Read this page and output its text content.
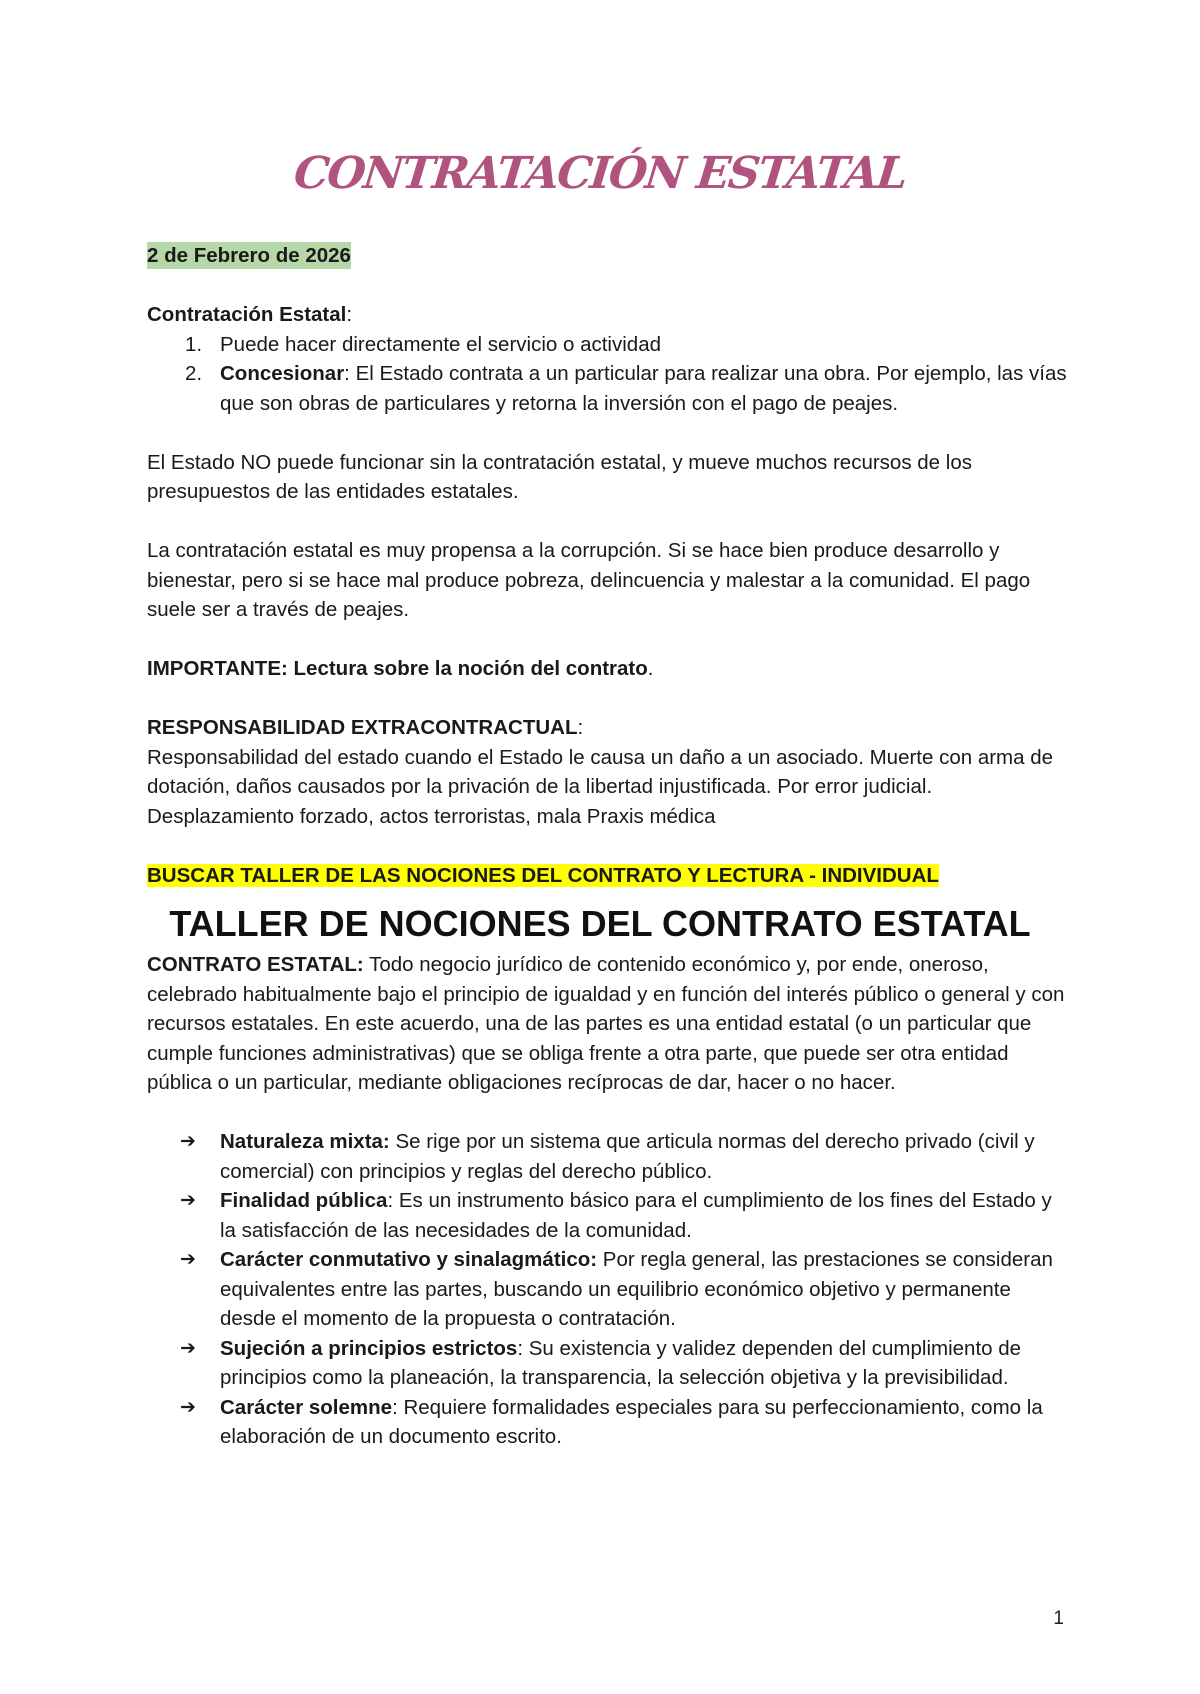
CONTRATACIÓN ESTATAL

2 de Febrero de 2026

Contratación Estatal:

1. Puede hacer directamente el servicio o actividad
2. Concesionar: El Estado contrata a un particular para realizar una obra. Por ejemplo, las vías que son obras de particulares y retorna la inversión con el pago de peajes.

El Estado NO puede funcionar sin la contratación estatal, y mueve muchos recursos de los presupuestos de las entidades estatales.

La contratación estatal es muy propensa a la corrupción. Si se hace bien produce desarrollo y bienestar, pero si se hace mal produce pobreza, delincuencia y malestar a la comunidad. El pago suele ser a través de peajes.

IMPORTANTE: Lectura sobre la noción del contrato.

RESPONSABILIDAD EXTRACONTRACTUAL:

Responsabilidad del estado cuando el Estado le causa un daño a un asociado. Muerte con arma de dotación, daños causados por la privación de la libertad injustificada. Por error judicial. Desplazamiento forzado, actos terroristas, mala Praxis médica

BUSCAR TALLER DE LAS NOCIONES DEL CONTRATO Y LECTURA - INDIVIDUAL

TALLER DE NOCIONES DEL CONTRATO ESTATAL

CONTRATO ESTATAL: Todo negocio jurídico de contenido económico y, por ende, oneroso, celebrado habitualmente bajo el principio de igualdad y en función del interés público o general y con recursos estatales. En este acuerdo, una de las partes es una entidad estatal (o un particular que cumple funciones administrativas) que se obliga frente a otra parte, que puede ser otra entidad pública o un particular, mediante obligaciones recíprocas de dar, hacer o no hacer.

➔ Naturaleza mixta: Se rige por un sistema que articula normas del derecho privado (civil y comercial) con principios y reglas del derecho público.
➔ Finalidad pública: Es un instrumento básico para el cumplimiento de los fines del Estado y la satisfacción de las necesidades de la comunidad.
➔ Carácter conmutativo y sinalagmático: Por regla general, las prestaciones se consideran equivalentes entre las partes, buscando un equilibrio económico objetivo y permanente desde el momento de la propuesta o contratación.
➔ Sujeción a principios estrictos: Su existencia y validez dependen del cumplimiento de principios como la planeación, la transparencia, la selección objetiva y la previsibilidad.
➔ Carácter solemne: Requiere formalidades especiales para su perfeccionamiento, como la elaboración de un documento escrito.
1
